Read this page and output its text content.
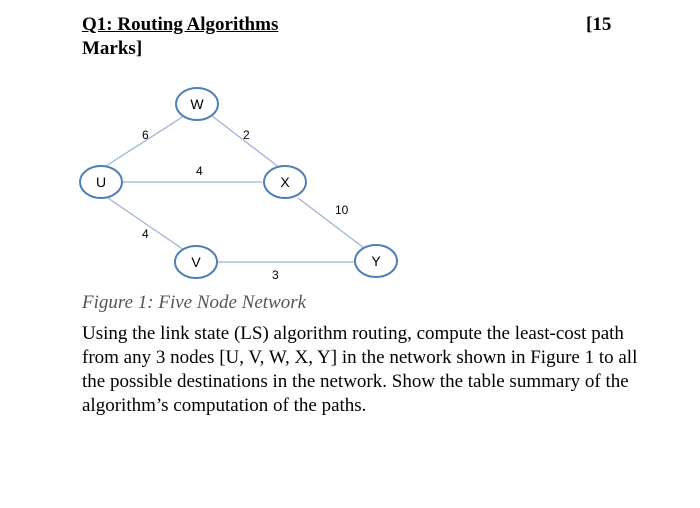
Q1: Routing Algorithms	[15
Marks]
6	2
4
4
10
3
W
U	X
V	Y
Figure 1: Five Node Network
Using the link state (LS) algorithm routing, compute the least-cost path from any 3 nodes [U, V, W, X, Y] in the network shown in Figure 1 to all the possible destinations in the network. Show the table summary of the algorithm’s computation of the paths.
